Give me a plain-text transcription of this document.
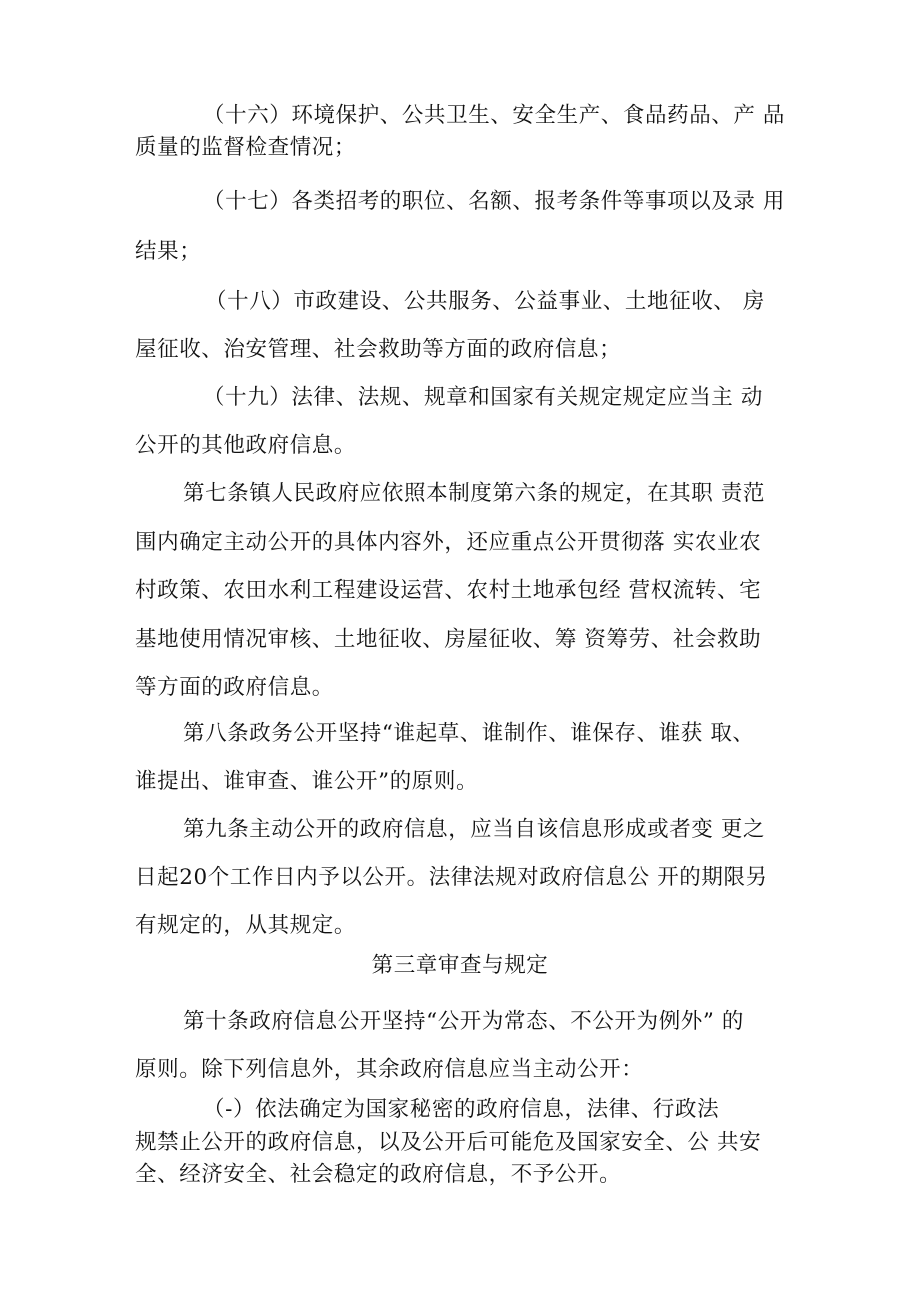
（十六）环境保护、公共卫生、安全生产、食品药品、产 品
质量的监督检查情况；

（十七）各类招考的职位、名额、报考条件等事项以及录 用
结果；

（十八）市政建设、公共服务、公益事业、土地征收、 房
屋征收、治安管理、社会救助等方面的政府信息；

（十九）法律、法规、规章和国家有关规定规定应当主 动
公开的其他政府信息。

第七条镇人民政府应依照本制度第六条的规定，在其职 责范
围内确定主动公开的具体内容外，还应重点公开贯彻落 实农业农
村政策、农田水利工程建设运营、农村土地承包经 营权流转、宅
基地使用情况审核、土地征收、房屋征收、筹 资筹劳、社会救助
等方面的政府信息。

第八条政务公开坚持“谁起草、谁制作、谁保存、谁获 取、
谁提出、谁审查、谁公开”的原则。

第九条主动公开的政府信息，应当自该信息形成或者变 更之
日起20个工作日内予以公开。法律法规对政府信息公 开的期限另
有规定的，从其规定。

第三章审查与规定

第十条政府信息公开坚持“公开为常态、不公开为例外” 的
原则。除下列信息外，其余政府信息应当主动公开：

（-）依法确定为国家秘密的政府信息，法律、行政法
规禁止公开的政府信息，以及公开后可能危及国家安全、公 共安
全、经济安全、社会稳定的政府信息，不予公开。
